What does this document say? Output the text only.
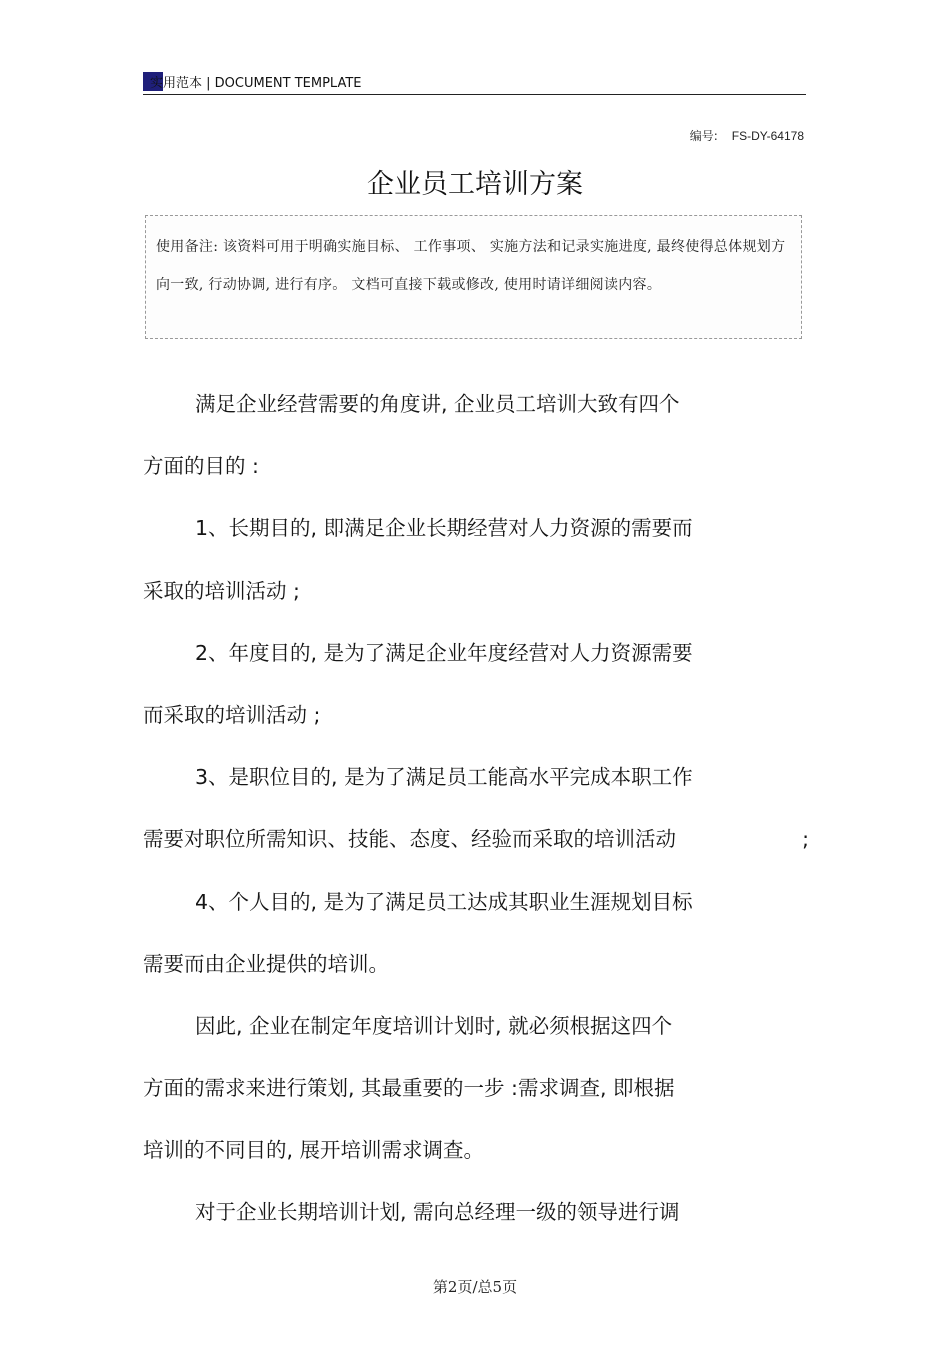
实用范本 | DOCUMENT TEMPLATE
编号: FS-DY-64178
企业员工培训方案

使用备注: 该资料可用于明确实施目标、 工作事项、 实施方法和记录实施进度, 最终使得总体规划方向一致, 行动协调, 进行有序。 文档可直接下载或修改, 使用时请详细阅读内容。

满足企业经营需要的角度讲, 企业员工培训大致有四个
方面的目的 :
1、长期目的, 即满足企业长期经营对人力资源的需要而
采取的培训活动 ;
2、年度目的, 是为了满足企业年度经营对人力资源需要
而采取的培训活动 ;
3、是职位目的, 是为了满足员工能高水平完成本职工作
需要对职位所需知识、技能、态度、经验而采取的培训活动	;
4、个人目的, 是为了满足员工达成其职业生涯规划目标
需要而由企业提供的培训。
因此, 企业在制定年度培训计划时, 就必须根据这四个
方面的需求来进行策划, 其最重要的一步 :需求调查, 即根据
培训的不同目的, 展开培训需求调查。
对于企业长期培训计划, 需向总经理一级的领导进行调
第2页/总5页
